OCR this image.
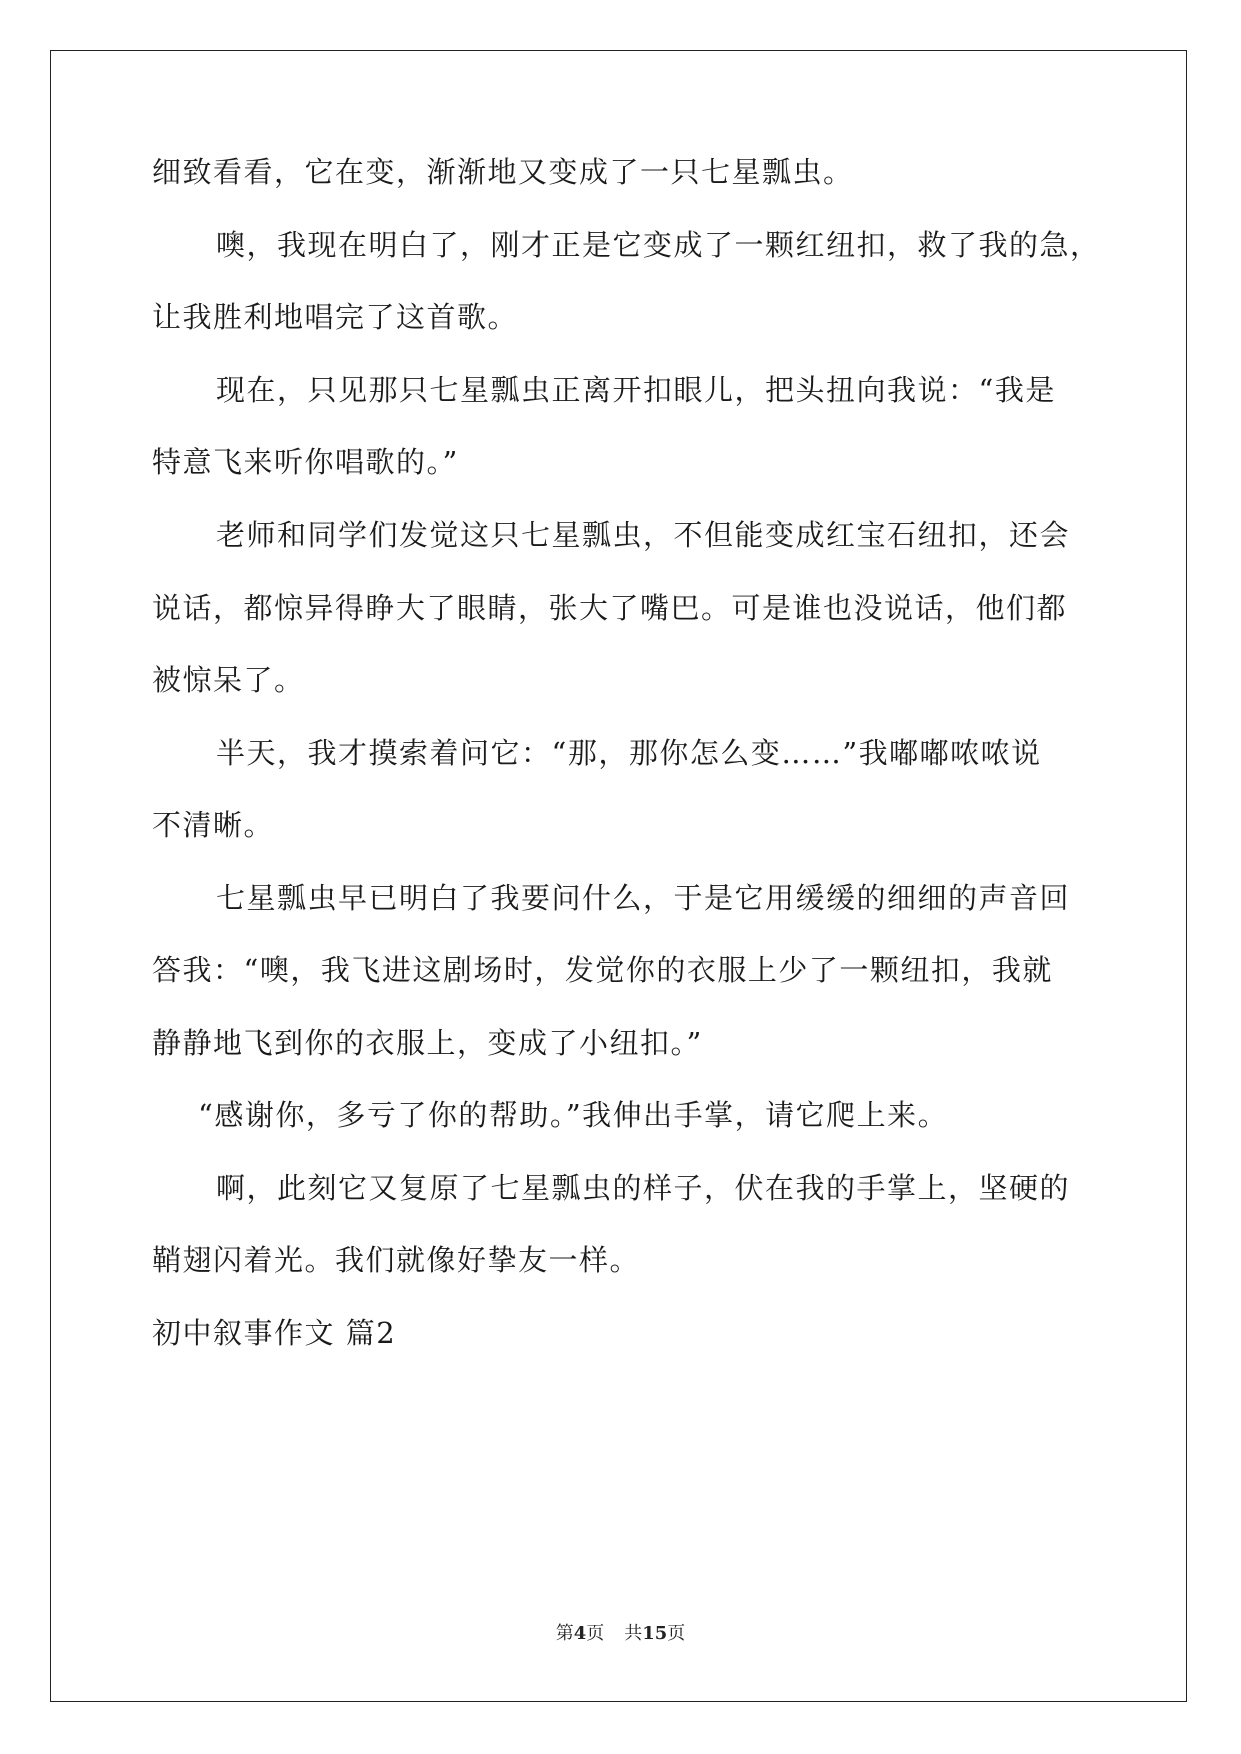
细致看看，它在变，渐渐地又变成了一只七星瓢虫。
噢，我现在明白了，刚才正是它变成了一颗红纽扣，救了我的急，
让我胜利地唱完了这首歌。
现在，只见那只七星瓢虫正离开扣眼儿，把头扭向我说：“我是
特意飞来听你唱歌的。”
老师和同学们发觉这只七星瓢虫，不但能变成红宝石纽扣，还会
说话，都惊异得睁大了眼睛，张大了嘴巴。可是谁也没说话，他们都
被惊呆了。
半天，我才摸索着问它：“那，那你怎么变……”我嘟嘟哝哝说
不清晰。
七星瓢虫早已明白了我要问什么，于是它用缓缓的细细的声音回
答我：“噢，我飞进这剧场时，发觉你的衣服上少了一颗纽扣，我就
静静地飞到你的衣服上，变成了小纽扣。”
“感谢你，多亏了你的帮助。”我伸出手掌，请它爬上来。
啊，此刻它又复原了七星瓢虫的样子，伏在我的手掌上，坚硬的
鞘翅闪着光。我们就像好挚友一样。
初中叙事作文 篇2
第4页 共15页
